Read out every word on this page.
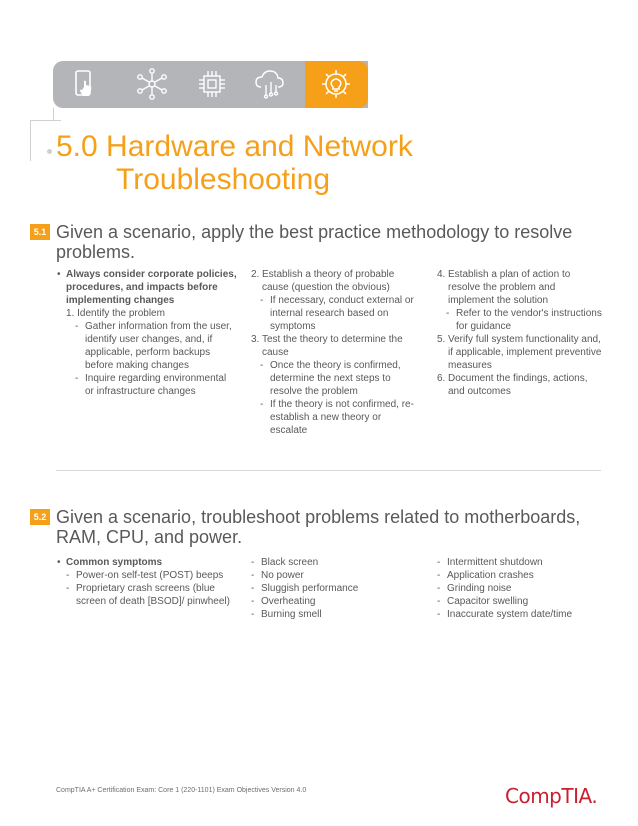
5.0 Hardware and Network
Troubleshooting
5.1 Given a scenario, apply the best practice methodology to resolve problems.
• Always consider corporate policies, procedures, and impacts before implementing changes
1. Identify the problem
- Gather information from the user, identify user changes, and, if applicable, perform backups before making changes
- Inquire regarding environmental or infrastructure changes
2. Establish a theory of probable cause (question the obvious)
- If necessary, conduct external or internal research based on symptoms
3. Test the theory to determine the cause
- Once the theory is confirmed, determine the next steps to resolve the problem
- If the theory is not confirmed, re-establish a new theory or escalate
4. Establish a plan of action to resolve the problem and implement the solution
- Refer to the vendor's instructions for guidance
5. Verify full system functionality and, if applicable, implement preventive measures
6. Document the findings, actions, and outcomes
5.2 Given a scenario, troubleshoot problems related to motherboards, RAM, CPU, and power.
• Common symptoms
- Power-on self-test (POST) beeps
- Proprietary crash screens (blue screen of death [BSOD]/ pinwheel)
- Black screen
- No power
- Sluggish performance
- Overheating
- Burning smell
- Intermittent shutdown
- Application crashes
- Grinding noise
- Capacitor swelling
- Inaccurate system date/time
CompTIA A+ Certification Exam: Core 1 (220-1101) Exam Objectives Version 4.0	CompTIA.
